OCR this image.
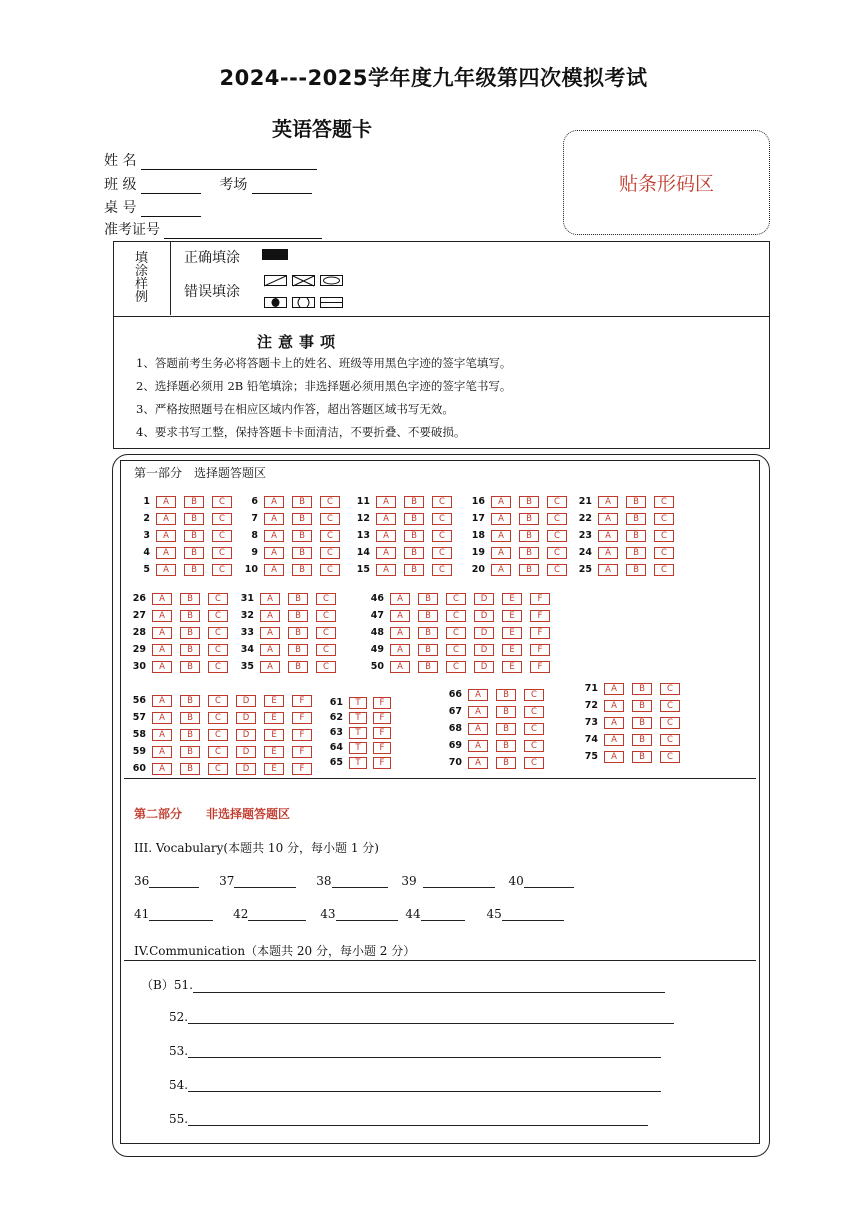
2024---2025学年度九年级第四次模拟考试
英语答题卡
姓 名
班 级	考场
桌 号
准考证号
贴条形码区
填
涂
样
例
正确填涂
错误填涂
注意事项
1、答题前考生务必将答题卡上的姓名、班级等用黑色字迹的签字笔填写。
2、选择题必须用 2B 铅笔填涂；非选择题必须用黑色字迹的签字笔书写。
3、严格按照题号在相应区域内作答，超出答题区域书写无效。
4、要求书写工整，保持答题卡卡面清洁，不要折叠、不要破损。
第一部分　选择题答题区
1 A	B	C
2 A	B	C
3 A	B	C
4 A	B	C
5 A	B	C
6 A	B	C
7 A	B	C
8 A	B	C
9 A	B	C
10 A	B	C
11 A	B	C
12 A	B	C
13 A	B	C
14 A	B	C
15 A	B	C
16 A	B	C
17 A	B	C
18 A	B	C
19 A	B	C
20 A	B	C
21 A	B	C
22 A	B	C
23 A	B	C
24 A	B	C
25 A	B	C
26 A	B	C
27 A	B	C
28 A	B	C
29 A	B	C
30 A	B	C
31 A	B	C
32 A	B	C
33 A	B	C
34 A	B	C
35 A	B	C
46 A	B	C	D	E	F
47 A	B	C	D	E	F
48 A	B	C	D	E	F
49 A	B	C	D	E	F
50 A	B	C	D	E	F
56 A	B	C	D	E	F
57 A	B	C	D	E	F
58 A	B	C	D	E	F
59 A	B	C	D	E	F
60 A	B	C	D	E	F
61 T F
62 T F
63 T F
64 T F
65 T F
66 A	B	C
67 A	B	C
68 A	B	C
69 A	B	C
70 A	B	C
71 A	B	C
72 A	B	C
73 A	B	C
74 A	B	C
75 A	B	C
第二部分　　非选择题答题区
III. Vocabulary(本题共 10 分，每小题 1 分)
36	37	38	39	40
41	42	43	44	45
IV.Communication（本题共 20 分，每小题 2 分）
（B）51.
52.
53.
54.
55.
